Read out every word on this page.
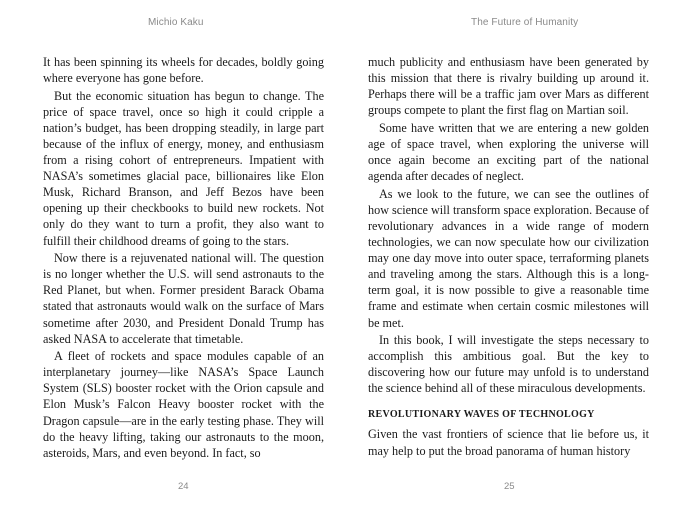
Michio Kaku

It has been spinning its wheels for decades, boldly going where everyone has gone before.

But the economic situation has begun to change. The price of space travel, once so high it could cripple a nation’s budget, has been dropping steadily, in large part because of the influx of energy, money, and enthusiasm from a rising cohort of entrepreneurs. Impatient with NASA’s sometimes glacial pace, billionaires like Elon Musk, Richard Branson, and Jeff Bezos have been opening up their checkbooks to build new rockets. Not only do they want to turn a profit, they also want to fulfill their childhood dreams of going to the stars.

Now there is a rejuvenated national will. The question is no longer whether the U.S. will send astronauts to the Red Planet, but when. Former president Barack Obama stated that astronauts would walk on the surface of Mars sometime after 2030, and President Donald Trump has asked NASA to accelerate that timetable.

A fleet of rockets and space modules capable of an interplanetary journey—like NASA’s Space Launch System (SLS) booster rocket with the Orion capsule and Elon Musk’s Falcon Heavy booster rocket with the Dragon capsule—are in the early testing phase. They will do the heavy lifting, taking our astronauts to the moon, asteroids, Mars, and even beyond. In fact, so

24
The Future of Humanity

much publicity and enthusiasm have been generated by this mission that there is rivalry building up around it. Perhaps there will be a traffic jam over Mars as different groups compete to plant the first flag on Martian soil.

Some have written that we are entering a new golden age of space travel, when exploring the universe will once again become an exciting part of the national agenda after decades of neglect.

As we look to the future, we can see the outlines of how science will transform space exploration. Because of revolutionary advances in a wide range of modern technologies, we can now speculate how our civilization may one day move into outer space, terraforming planets and traveling among the stars. Although this is a long-term goal, it is now possible to give a reasonable time frame and estimate when certain cosmic milestones will be met.

In this book, I will investigate the steps necessary to accomplish this ambitious goal. But the key to discovering how our future may unfold is to understand the science behind all of these miraculous developments.

REVOLUTIONARY WAVES OF TECHNOLOGY

Given the vast frontiers of science that lie before us, it may help to put the broad panorama of human history

25
